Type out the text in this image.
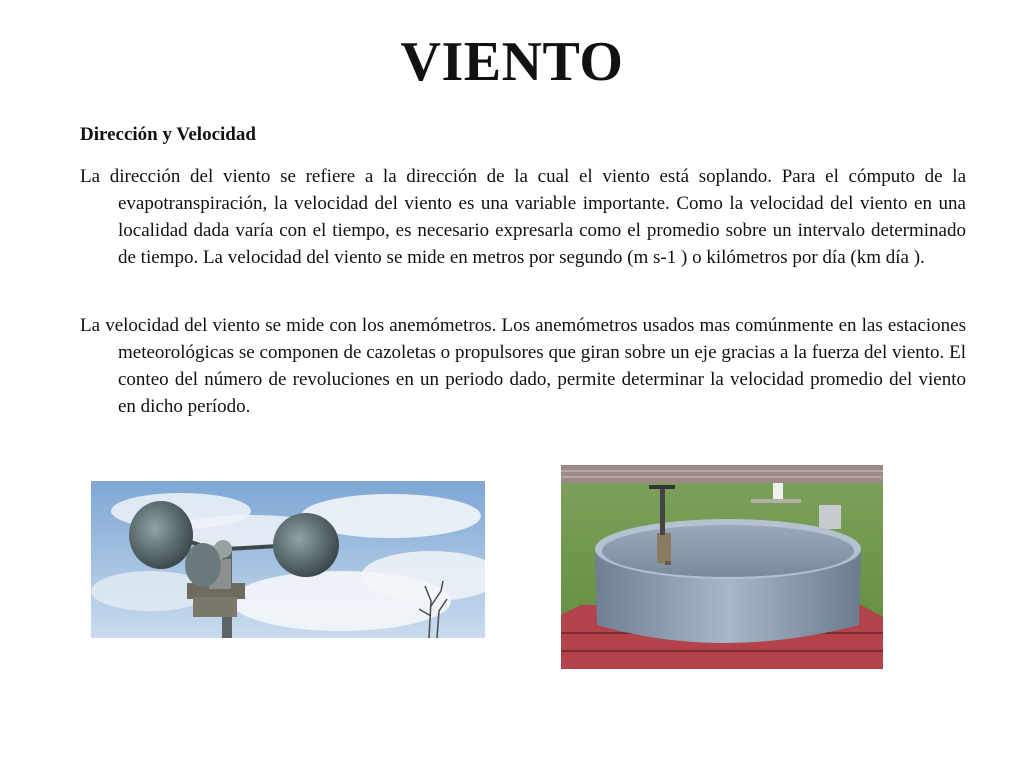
VIENTO
Dirección y Velocidad

La dirección del viento se refiere a la dirección de la cual el viento está soplando. Para el cómputo de la evapotranspiración, la velocidad del viento es una variable importante. Como la velocidad del viento en una localidad dada varía con el tiempo, es necesario expresarla como el promedio sobre un intervalo determinado de tiempo. La velocidad del viento se mide en metros por segundo (m s-1 ) o kilómetros por día (km día ).

La velocidad del viento se mide con los anemómetros. Los anemómetros usados mas comúnmente en las estaciones meteorológicas se componen de cazoletas o propulsores que giran sobre un eje gracias a la fuerza del viento. El conteo del número de revoluciones en un periodo dado, permite determinar la velocidad promedio del viento en dicho período.
